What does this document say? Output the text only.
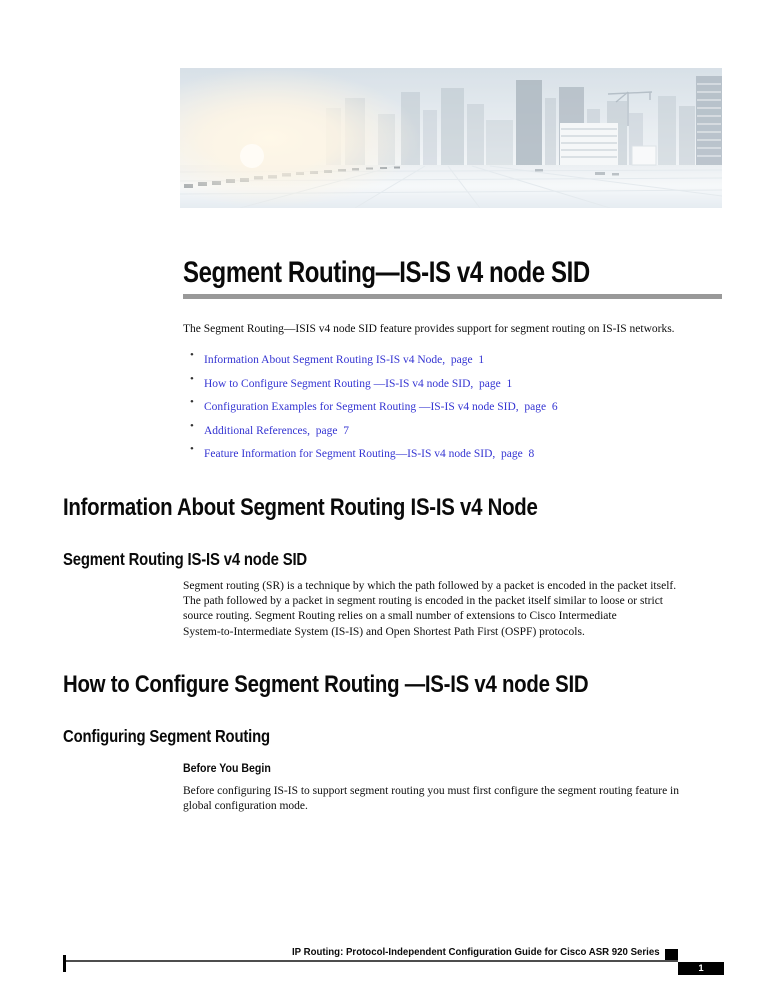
Segment Routing—IS-IS v4 node SID
The Segment Routing—ISIS v4 node SID feature provides support for segment routing on IS-IS networks.
• Information About Segment Routing IS-IS v4 Node,  page  1
• How to Configure Segment Routing —IS-IS v4 node SID,  page  1
• Configuration Examples for Segment Routing —IS-IS v4 node SID,  page  6
• Additional References,  page  7
• Feature Information for Segment Routing—IS-IS v4 node SID,  page  8
Information About Segment Routing IS-IS v4 Node
Segment Routing IS-IS v4 node SID
Segment routing (SR) is a technique by which the path followed by a packet is encoded in the packet itself.
The path followed by a packet in segment routing is encoded in the packet itself similar to loose or strict
source routing. Segment Routing relies on a small number of extensions to Cisco Intermediate
System-to-Intermediate System (IS-IS) and Open Shortest Path First (OSPF) protocols.
How to Configure Segment Routing —IS-IS v4 node SID
Configuring Segment Routing
Before You Begin
Before configuring IS-IS to support segment routing you must first configure the segment routing feature in
global configuration mode.
IP Routing: Protocol-Independent Configuration Guide for Cisco ASR 920 Series
1
